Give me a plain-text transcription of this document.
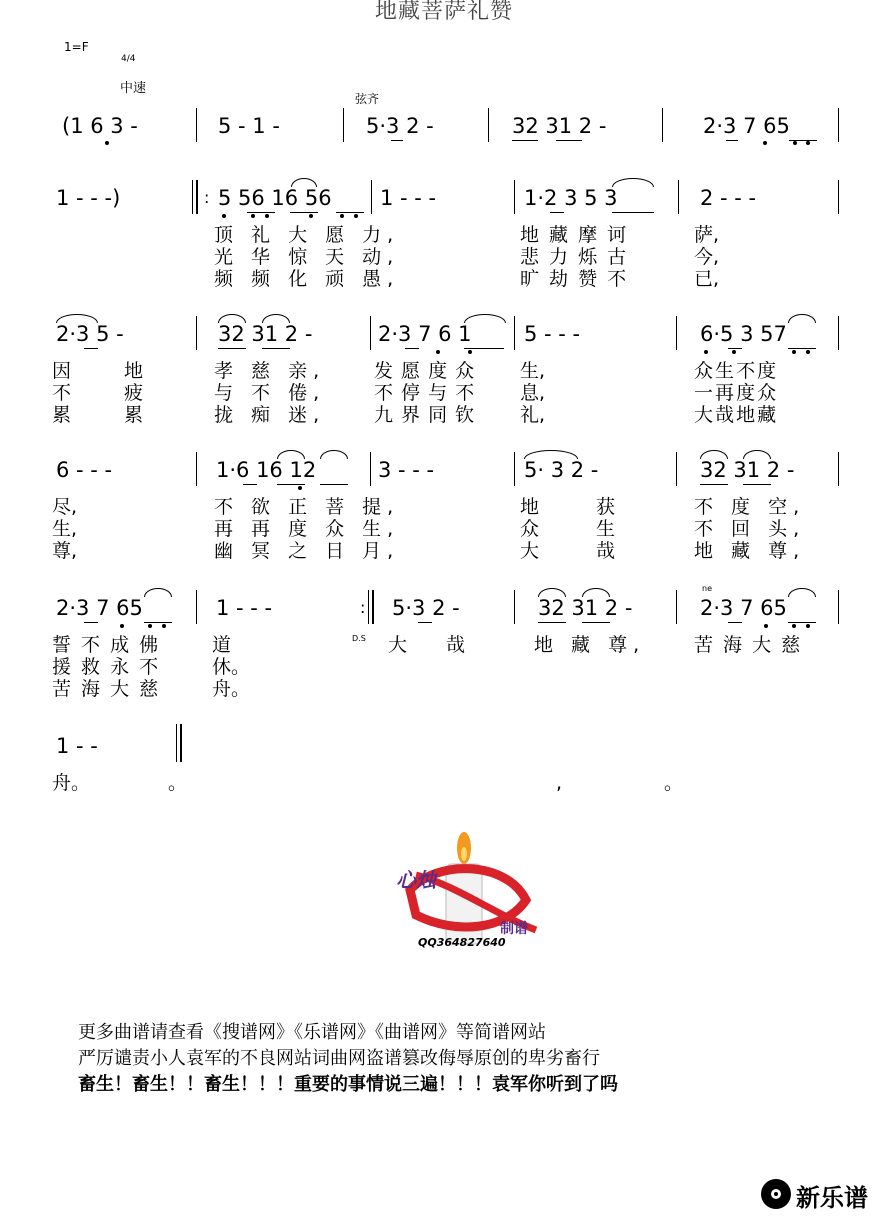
地藏菩萨礼赞
1=F
4/4
中速
弦齐
(1 6 3 -	5 - 1 -	5·3 2 -	32 31 2 -	2·3 7 65
1 - - -)	: 5 56 16 56 1 - - -	1·2 3 5 3	2 - - -
顶 礼 大 愿 力,	地 藏 摩 诃	萨,
光 华 惊 天 动,	悲 力 烁 古	今,
频 频 化 顽 愚,	旷 劫 赞 不	已,
2·3 5 -	32 31 2 -	2·3 7 6 1 5 - - -	6·5 3 57
因	地	孝 慈 亲,	发 愿 度 众 生,	众 生 不 度
不	疲	与 不 倦,	不 停 与 不 息,	一 再 度 众
累	累	拢 痴 迷,	九 界 同 钦 礼,	大 哉 地 藏
6 - - -	1·6 16 12	3 - - -	5· 3 2 -	32 31 2 -
尽,	不 欲 正 菩 提,	地	获	不 度 空,
生,	再 再 度 众 生,	众	生	不 回 头,
尊,	幽 冥 之 日 月,	大	哉	地 藏 尊,
2·3 7 65	1 - - -	: 5·3 2 -	32 31 2 -	2·3 7 65
ne
誓 不 成 佛	道	D.S 大 哉	地 藏 尊,	苦 海 大 慈
援 救 永 不	休。
苦 海 大 慈	舟。
1 - -
舟。	。	,	。
心烛
制谱
QQ364827640
更多曲谱请查看《搜谱网》《乐谱网》《曲谱网》等简谱网站
严厉谴责小人袁军的不良网站词曲网盗谱篡改侮辱原创的卑劣畜行
畜生！畜生！！畜生！！！重要的事情说三遍！！！袁军你听到了吗
新乐谱
